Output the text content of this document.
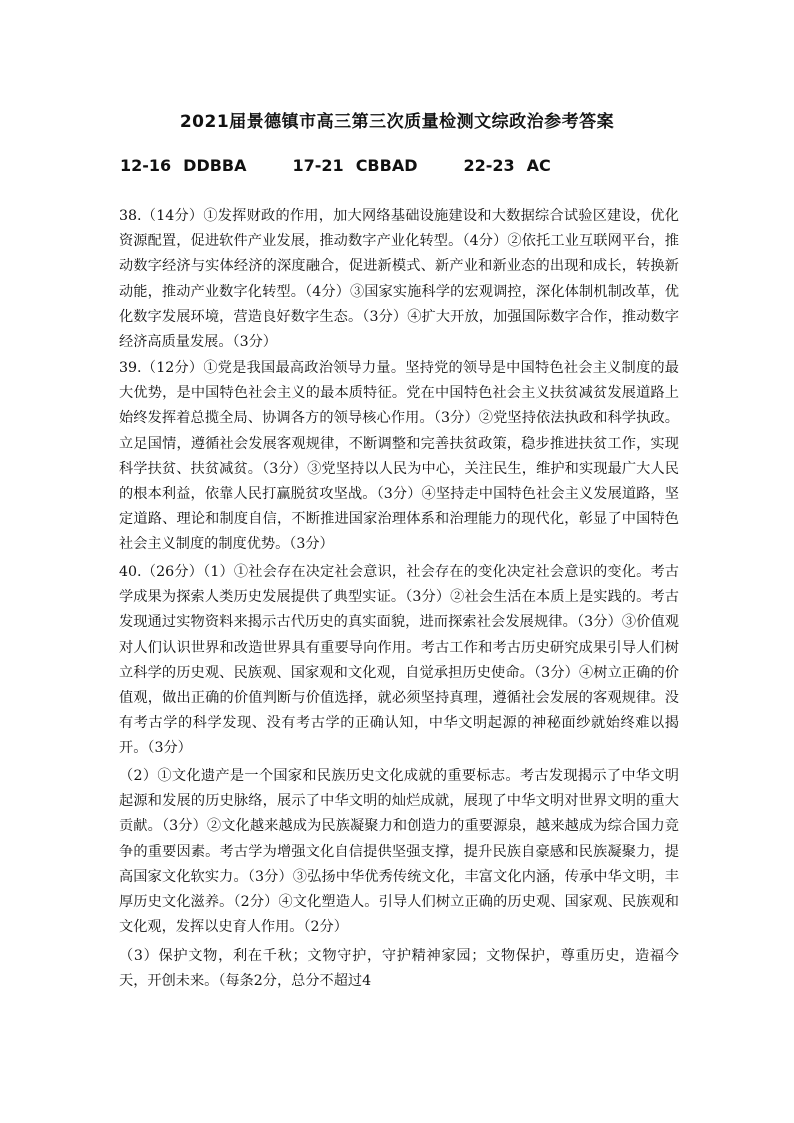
2021届景德镇市高三第三次质量检测文综政治参考答案
12-16 DDBBA	17-21 CBBAD	22-23 AC

38.（14分）①发挥财政的作用，加大网络基础设施建设和大数据综合试验区建设，优化资源配置，促进软件产业发展，推动数字产业化转型。（4分）②依托工业互联网平台，推动数字经济与实体经济的深度融合，促进新模式、新产业和新业态的出现和成长，转换新动能，推动产业数字化转型。（4分）③国家实施科学的宏观调控，深化体制机制改革，优化数字发展环境，营造良好数字生态。（3分）④扩大开放，加强国际数字合作，推动数字经济高质量发展。（3分）

39.（12分）①党是我国最高政治领导力量。坚持党的领导是中国特色社会主义制度的最大优势，是中国特色社会主义的最本质特征。党在中国特色社会主义扶贫减贫发展道路上始终发挥着总揽全局、协调各方的领导核心作用。（3分）②党坚持依法执政和科学执政。立足国情，遵循社会发展客观规律，不断调整和完善扶贫政策，稳步推进扶贫工作，实现科学扶贫、扶贫减贫。（3分）③党坚持以人民为中心，关注民生，维护和实现最广大人民的根本利益，依靠人民打赢脱贫攻坚战。（3分）④坚持走中国特色社会主义发展道路，坚定道路、理论和制度自信，不断推进国家治理体系和治理能力的现代化，彰显了中国特色社会主义制度的制度优势。（3分）

40.（26分）（1）①社会存在决定社会意识，社会存在的变化决定社会意识的变化。考古学成果为探索人类历史发展提供了典型实证。（3分）②社会生活在本质上是实践的。考古发现通过实物资料来揭示古代历史的真实面貌，进而探索社会发展规律。（3分）③价值观对人们认识世界和改造世界具有重要导向作用。考古工作和考古历史研究成果引导人们树立科学的历史观、民族观、国家观和文化观，自觉承担历史使命。（3分）④树立正确的价值观，做出正确的价值判断与价值选择，就必须坚持真理，遵循社会发展的客观规律。没有考古学的科学发现、没有考古学的正确认知，中华文明起源的神秘面纱就始终难以揭开。（3分）

（2）①文化遗产是一个国家和民族历史文化成就的重要标志。考古发现揭示了中华文明起源和发展的历史脉络，展示了中华文明的灿烂成就，展现了中华文明对世界文明的重大贡献。（3分）②文化越来越成为民族凝聚力和创造力的重要源泉，越来越成为综合国力竞争的重要因素。考古学为增强文化自信提供坚强支撑，提升民族自豪感和民族凝聚力，提高国家文化软实力。（3分）③弘扬中华优秀传统文化，丰富文化内涵，传承中华文明，丰厚历史文化滋养。（2分）④文化塑造人。引导人们树立正确的历史观、国家观、民族观和文化观，发挥以史育人作用。（2分）

（3）保护文物，利在千秋；文物守护，守护精神家园；文物保护，尊重历史，造福今天，开创未来。（每条2分，总分不超过4
